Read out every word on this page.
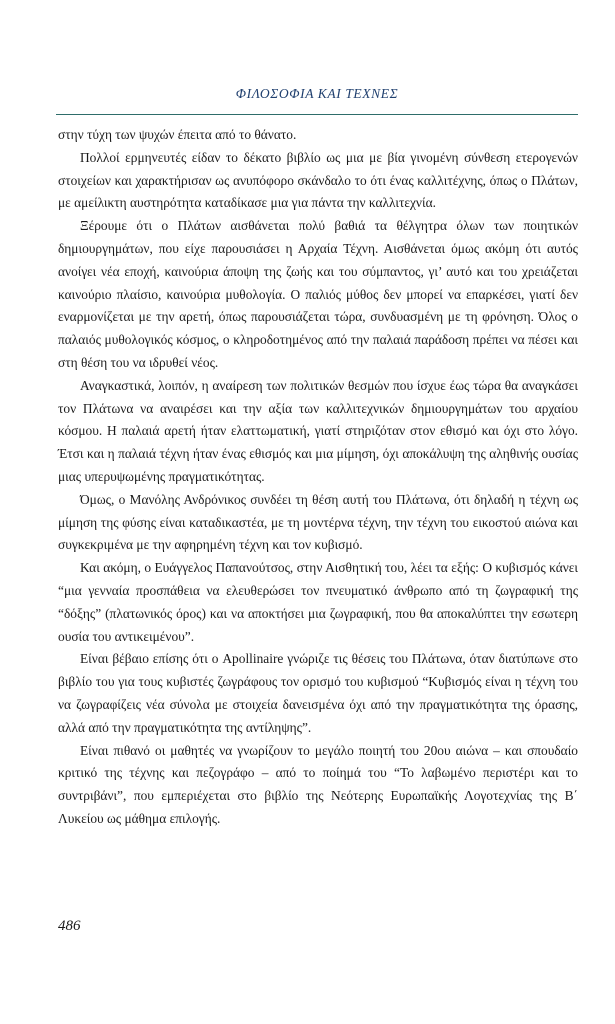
ΦΙΛΟΣΟΦΙΑ ΚΑΙ ΤΕΧΝΕΣ

στην τύχη των ψυχών έπειτα από το θάνατο.

Πολλοί ερμηνευτές είδαν το δέκατο βιβλίο ως μια με βία γινομένη σύνθεση ετερογενών στοιχείων και χαρακτήρισαν ως ανυπόφορο σκάνδαλο το ότι ένας καλλιτέχνης, όπως ο Πλάτων, με αμείλικτη αυστηρότητα καταδίκασε μια για πάντα την καλλιτεχνία.

Ξέρουμε ότι ο Πλάτων αισθάνεται πολύ βαθιά τα θέλγητρα όλων των ποιητικών δημιουργημάτων, που είχε παρουσιάσει η Αρχαία Τέχνη. Αισθάνεται όμως ακόμη ότι αυτός ανοίγει νέα εποχή, καινούρια άποψη της ζωής και του σύμπαντος, γι’ αυτό και του χρειάζεται καινούριο πλαίσιο, καινούρια μυθολογία. Ο παλιός μύθος δεν μπορεί να επαρκέσει, γιατί δεν εναρμονίζεται με την αρετή, όπως παρουσιάζεται τώρα, συνδυασμένη με τη φρόνηση. Όλος ο παλαιός μυθολογικός κόσμος, ο κληροδοτημένος από την παλαιά παράδοση πρέπει να πέσει και στη θέση του να ιδρυθεί νέος.

Αναγκαστικά, λοιπόν, η αναίρεση των πολιτικών θεσμών που ίσχυε έως τώρα θα αναγκάσει τον Πλάτωνα να αναιρέσει και την αξία των καλλιτεχνικών δημιουργημάτων του αρχαίου κόσμου. Η παλαιά αρετή ήταν ελαττωματική, γιατί στηριζόταν στον εθισμό και όχι στο λόγο. Έτσι και η παλαιά τέχνη ήταν ένας εθισμός και μια μίμηση, όχι αποκάλυψη της αληθινής ουσίας μιας υπερυψωμένης πραγματικότητας.

Όμως, ο Μανόλης Ανδρόνικος συνδέει τη θέση αυτή του Πλάτωνα, ότι δηλαδή η τέχνη ως μίμηση της φύσης είναι καταδικαστέα, με τη μοντέρνα τέχνη, την τέχνη του εικοστού αιώνα και συγκεκριμένα με την αφηρημένη τέχνη και τον κυβισμό.

Και ακόμη, ο Ευάγγελος Παπανούτσος, στην Αισθητική του, λέει τα εξής: Ο κυβισμός κάνει “μια γενναία προσπάθεια να ελευθερώσει τον πνευματικό άνθρωπο από τη ζωγραφική της “δόξης” (πλατωνικός όρος) και να αποκτήσει μια ζωγραφική, που θα αποκαλύπτει την εσωτερη ουσία του αντικειμένου”.

Είναι βέβαιο επίσης ότι ο Apollinaire γνώριζε τις θέσεις του Πλάτωνα, όταν διατύπωνε στο βιβλίο του για τους κυβιστές ζωγράφους τον ορισμό του κυβισμού “Κυβισμός είναι η τέχνη του να ζωγραφίζεις νέα σύνολα με στοιχεία δανεισμένα όχι από την πραγματικότητα της όρασης, αλλά από την πραγματικότητα της αντίληψης”.

Είναι πιθανό οι μαθητές να γνωρίζουν το μεγάλο ποιητή του 20ου αιώνα – και σπουδαίο κριτικό της τέχνης και πεζογράφο – από το ποίημά του “Το λαβωμένο περιστέρι και το συντριβάνι”, που εμπεριέχεται στο βιβλίο της Νεότερης Ευρωπαϊκής Λογοτεχνίας της Β΄ Λυκείου ως μάθημα επιλογής.

486
